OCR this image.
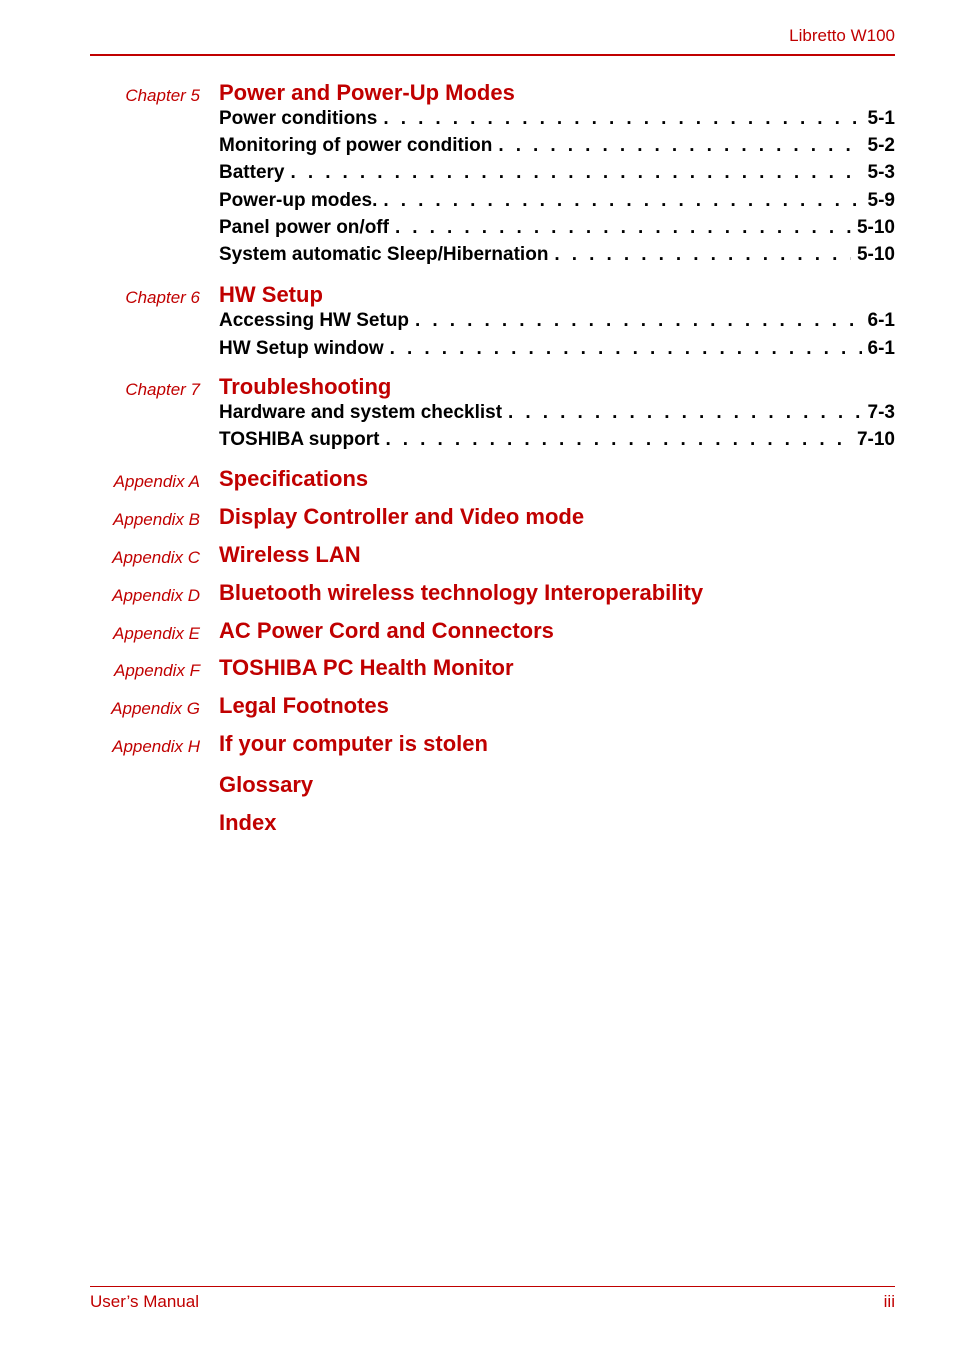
Libretto W100
Chapter 5 Power and Power-Up Modes
Power conditions . . .	5-1
Monitoring of power condition . . .	5-2
Battery . . .	5-3
Power-up modes. . . .	5-9
Panel power on/off . . .	5-10
System automatic Sleep/Hibernation . . .	5-10
Chapter 6 HW Setup
Accessing HW Setup . . .	6-1
HW Setup window . . .	6-1
Chapter 7 Troubleshooting
Hardware and system checklist . . .	7-3
TOSHIBA support . . .	7-10
Appendix A Specifications
Appendix B Display Controller and Video mode
Appendix C Wireless LAN
Appendix D Bluetooth wireless technology Interoperability
Appendix E AC Power Cord and Connectors
Appendix F TOSHIBA PC Health Monitor
Appendix G Legal Footnotes
Appendix H If your computer is stolen
Glossary
Index
User’s Manual	iii
